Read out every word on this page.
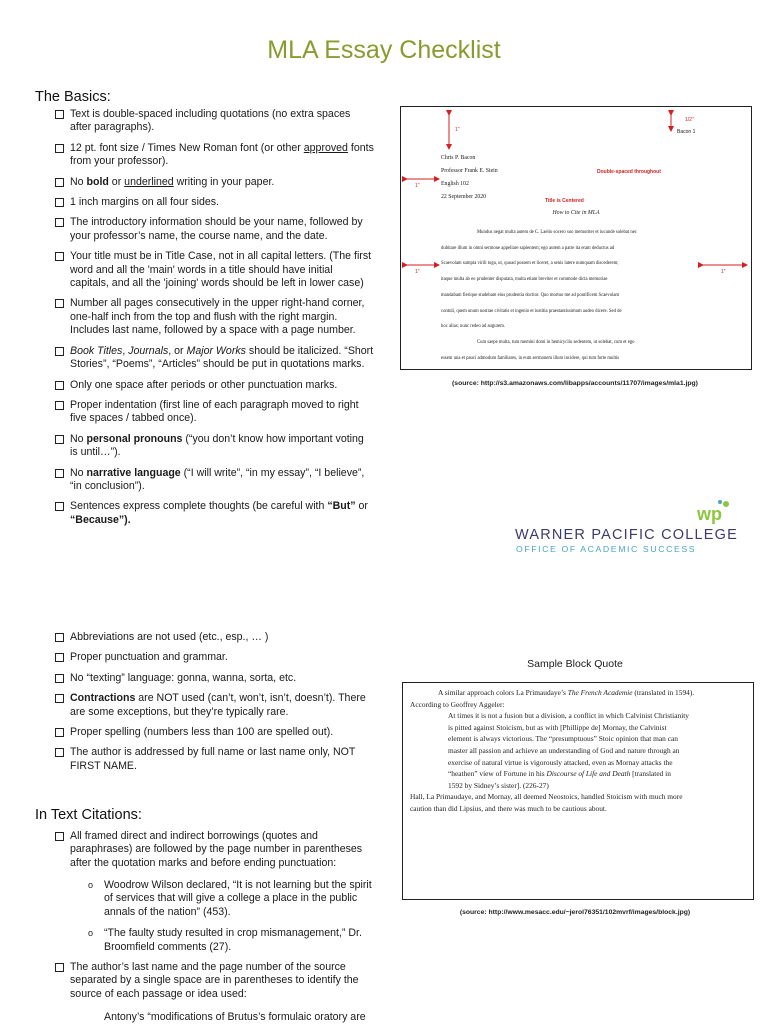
MLA Essay Checklist
The Basics:
Text is double-spaced including quotations (no extra spaces after paragraphs).
12 pt. font size / Times New Roman font (or other approved fonts from your professor).
No bold or underlined writing in your paper.
1 inch margins on all four sides.
The introductory information should be your name, followed by your professor’s name, the course name, and the date.
Your title must be in Title Case, not in all capital letters. (The first word and all the 'main' words in a title should have initial capitals, and all the 'joining' words should be left in lower case)
Number all pages consecutively in the upper right-hand corner, one-half inch from the top and flush with the right margin. Includes last name, followed by a space with a page number.
Book Titles, Journals, or Major Works should be italicized. “Short Stories”, “Poems”, “Articles” should be put in quotations marks.
Only one space after periods or other punctuation marks.
Proper indentation (first line of each paragraph moved to right five spaces / tabbed once).
No personal pronouns (“you don’t know how important voting is until…”).
No narrative language (“I will write”, “in my essay”, “I believe”, “in conclusion”).
Sentences express complete thoughts (be careful with “But” or “Because”).
Abbreviations are not used (etc., esp., … )
Proper punctuation and grammar.
No “texting” language: gonna, wanna, sorta, etc.
Contractions are NOT used (can’t, won’t, isn’t, doesn’t). There are some exceptions, but they’re typically rare.
Proper spelling (numbers less than 100 are spelled out).
The author is addressed by full name or last name only, NOT FIRST NAME.
In Text Citations:
All framed direct and indirect borrowings (quotes and paraphrases) are followed by the page number in parentheses after the quotation marks and before ending punctuation:
o Woodrow Wilson declared, “It is not learning but the spirit of services that will give a college a place in the public annals of the nation” (453).
o “The faulty study resulted in crop mismanagement,” Dr. Broomfield comments (27).
The author’s last name and the page number of the source separated by a single space are in parentheses to identify the source of each passage or idea used:
Antony’s “modifications of Brutus’s formulaic oratory are
1"
1/2"
Bacon 1
1"
1"	1"
Double-spaced throughout
Title is Centered
Chris P. Bacon
Professor Frank E. Stein
English 102
22 September 2020
How to Cite in MLA
Mundus negat multa autem de C. Laelio socero suo memoriter et iucunde solebat nec
dubitare illum in omni sermone appellare sapientem; ego autem a patre ita eram deductus ad
Scaevolam sumpta virili toga, ut, quoad possem et liceret, a senis latere numquam discederem;
itaque multa ab eo prudenter disputata, multa etiam breviter et commode dicta memoriae
mandabam fierique studebam eius prudentia doctior. Quo mortuo me ad pontificem Scaevolam
contuli, quem unum nostrae civitatis et ingenio et iustitia praestantissimum audeo dicere. Sed de
hoc alias; nunc redeo ad augurem.
Cum saepe multa, tum memini domi in hemicyclio sedentem, ut solebat, cum et ego
essem una et pauci admodum familiares, in eum sermonem illum incidere, qui tum forte multis
(source: http://s3.amazonaws.com/libapps/accounts/11707/images/mla1.jpg)
wp
WARNER PACIFIC COLLEGE
OFFICE OF ACADEMIC SUCCESS
Sample Block Quote

A similar approach colors La Primaudaye’s The French Academie (translated in 1594).

According to Geoffrey Aggeler:

At times it is not a fusion but a division, a conflict in which Calvinist Christianity

is pitted against Stoicism, but as with [Phillippe de] Mornay, the Calvinist

element is always victorious. The “presumptuous” Stoic opinion that man can

master all passion and achieve an understanding of God and nature through an

exercise of natural virtue is vigorously attacked, even as Mornay attacks the

“heathen” view of Fortune in his Discourse of Life and Death [translated in

1592 by Sidney’s sister]. (226-27)

Hall, La Primaudaye, and Mornay, all deemed Neostoics, handled Stoicism with much more

caution than did Lipsius, and there was much to be cautious about.

(source: http://www.mesacc.edu/~jerol76351/102mvrf/images/block.jpg)
